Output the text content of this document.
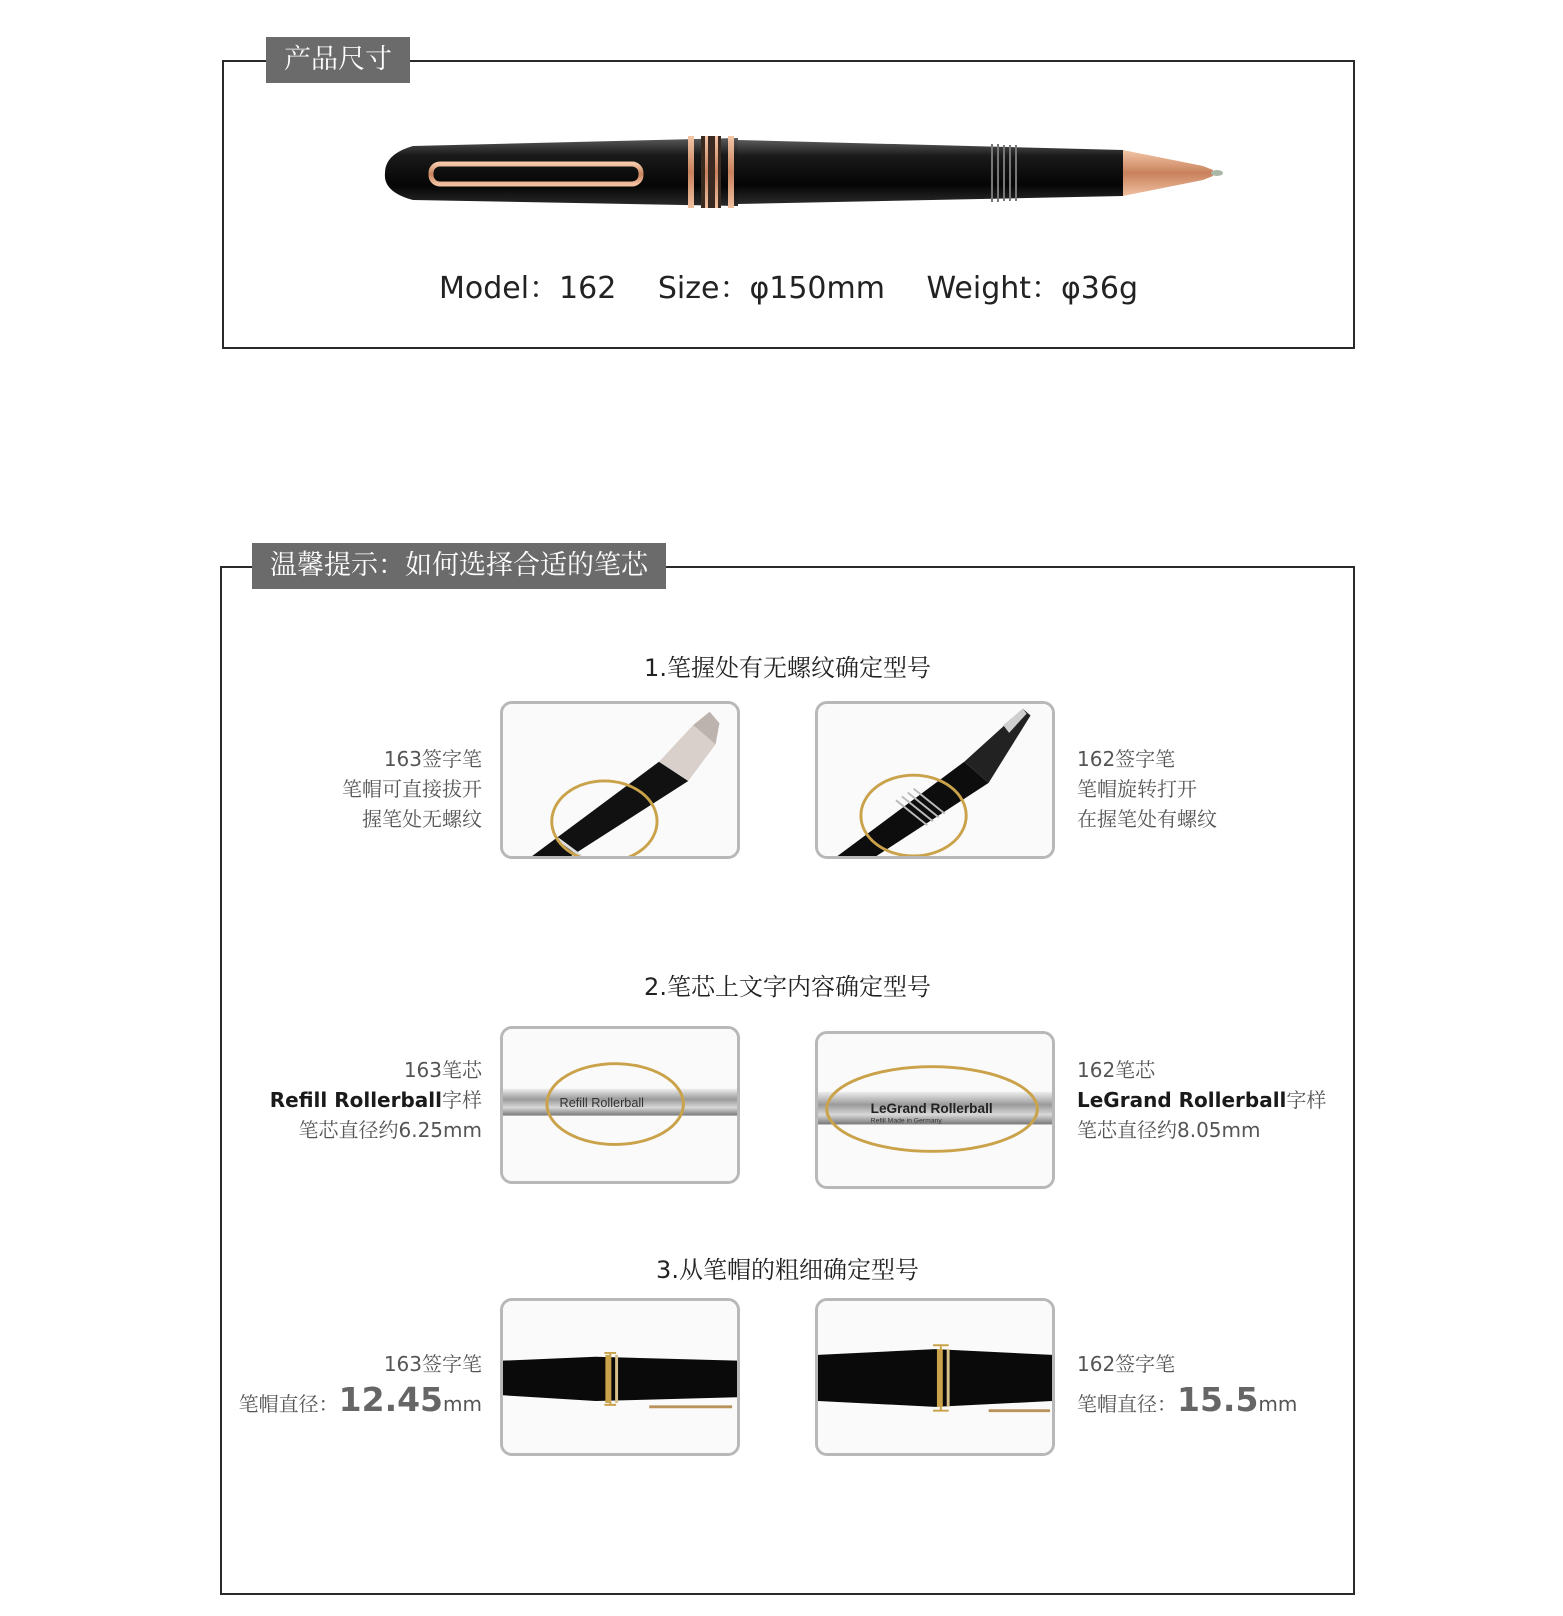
产品尺寸
Model：162 Size：φ150mm Weight：φ36g
温馨提示：如何选择合适的笔芯
1.笔握处有无螺纹确定型号
163签字笔
笔帽可直接拔开
握笔处无螺纹
162签字笔
笔帽旋转打开
在握笔处有螺纹
2.笔芯上文字内容确定型号
163笔芯
Refill Rollerball字样
笔芯直径约6.25mm
Refill Rollerball	LeGrand Rollerball
Refill Made in Germany
162笔芯
LeGrand Rollerball字样
笔芯直径约8.05mm
3.从笔帽的粗细确定型号
163签字笔
笔帽直径：12.45mm
162签字笔
笔帽直径：15.5mm
